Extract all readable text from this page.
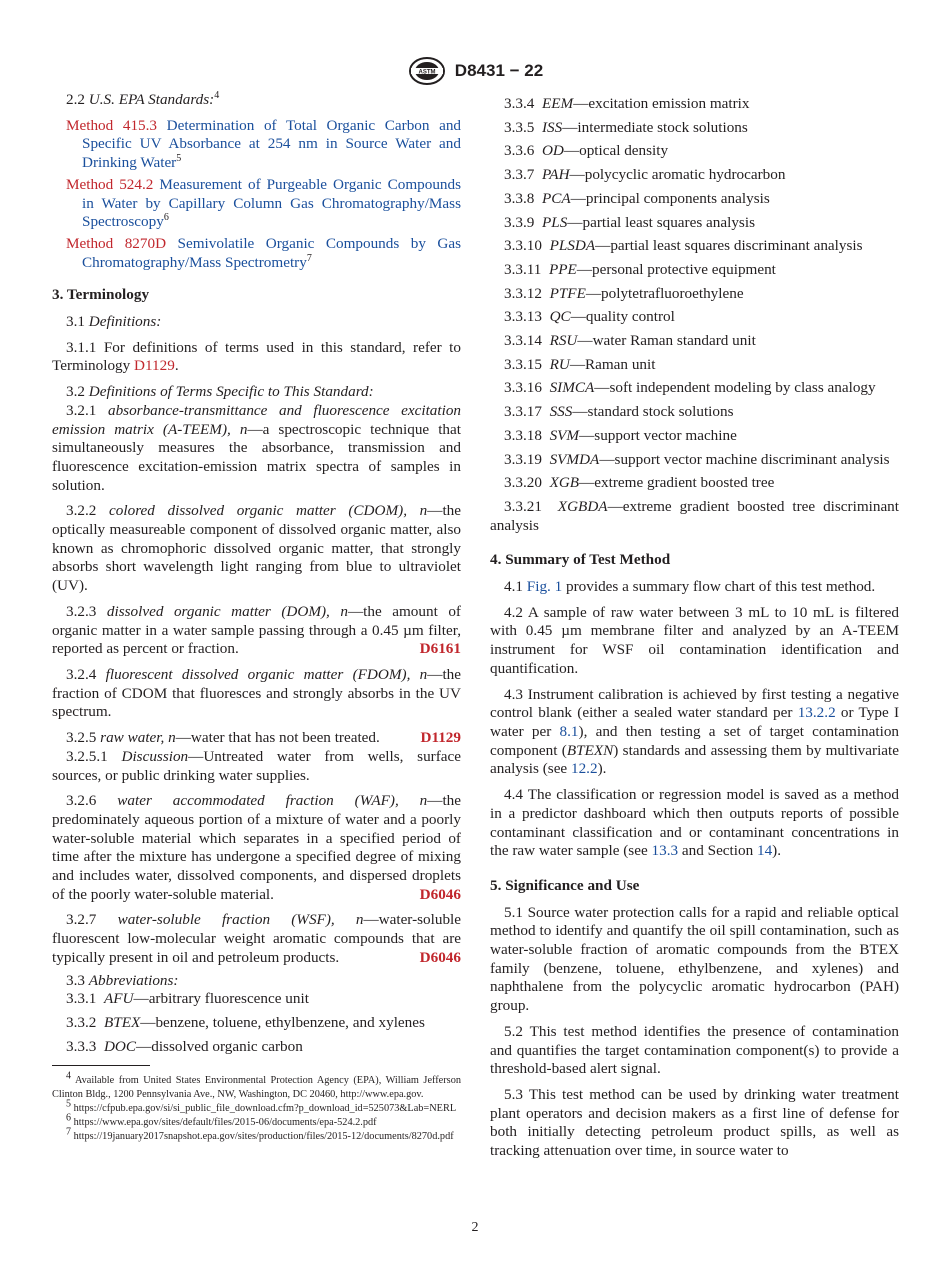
ASTM D8431 − 22

2.2 U.S. EPA Standards:$^4$

Method 415.3 Determination of Total Organic Carbon and Specific UV Absorbance at 254 nm in Source Water and Drinking Water$^5$
Method 524.2 Measurement of Purgeable Organic Compounds in Water by Capillary Column Gas Chromatography/Mass Spectroscopy$^6$
Method 8270D Semivolatile Organic Compounds by Gas Chromatography/Mass Spectrometry$^7$
3. Terminology

3.1 Definitions:

3.1.1 For definitions of terms used in this standard, refer to Terminology D1129.

3.2 Definitions of Terms Specific to This Standard:

3.2.1 absorbance-transmittance and fluorescence excitation emission matrix (A-TEEM), n—a spectroscopic technique that simultaneously measures the absorbance, transmission and fluorescence excitation-emission matrix spectra of samples in solution.

3.2.2 colored dissolved organic matter (CDOM), n—the optically measureable component of dissolved organic matter, also known as chromophoric dissolved organic matter, that strongly absorbs short wavelength light ranging from blue to ultraviolet (UV).

3.2.3 dissolved organic matter (DOM), n—the amount of organic matter in a water sample passing through a 0.45 µm filter, reported as percent or fraction.	D6161

3.2.4 fluorescent dissolved organic matter (FDOM), n—the fraction of CDOM that fluoresces and strongly absorbs in the UV spectrum.

3.2.5 raw water, n—water that has not been treated.	D1129

3.2.5.1 Discussion—Untreated water from wells, surface sources, or public drinking water supplies.

3.2.6 water accommodated fraction (WAF), n—the predominately aqueous portion of a mixture of water and a poorly water-soluble material which separates in a specified period of time after the mixture has undergone a specified degree of mixing and includes water, dissolved components, and dispersed droplets of the poorly water-soluble material.	D6046

3.2.7 water-soluble fraction (WSF), n—water-soluble fluorescent low-molecular weight aromatic compounds that are typically present in oil and petroleum products.	D6046

3.3 Abbreviations:

3.3.1 AFU—arbitrary fluorescence unit

3.3.2 BTEX—benzene, toluene, ethylbenzene, and xylenes

3.3.3 DOC—dissolved organic carbon

3.3.4 EEM—excitation emission matrix

3.3.5 ISS—intermediate stock solutions

3.3.6 OD—optical density

3.3.7 PAH—polycyclic aromatic hydrocarbon

3.3.8 PCA—principal components analysis

3.3.9 PLS—partial least squares analysis

3.3.10 PLSDA—partial least squares discriminant analysis

3.3.11 PPE—personal protective equipment

3.3.12 PTFE—polytetrafluoroethylene

3.3.13 QC—quality control

3.3.14 RSU—water Raman standard unit

3.3.15 RU—Raman unit

3.3.16 SIMCA—soft independent modeling by class analogy

3.3.17 SSS—standard stock solutions

3.3.18 SVM—support vector machine

3.3.19 SVMDA—support vector machine discriminant analysis

3.3.20 XGB—extreme gradient boosted tree

3.3.21 XGBDA—extreme gradient boosted tree discriminant analysis

4. Summary of Test Method

4.1 Fig. 1 provides a summary flow chart of this test method.

4.2 A sample of raw water between 3 mL to 10 mL is filtered with 0.45 µm membrane filter and analyzed by an A-TEEM instrument for WSF oil contamination identification and quantification.

4.3 Instrument calibration is achieved by first testing a negative control blank (either a sealed water standard per 13.2.2 or Type I water per 8.1), and then testing a set of target contamination component (BTEXN) standards and assessing them by multivariate analysis (see 12.2).

4.4 The classification or regression model is saved as a method in a predictor dashboard which then outputs reports of possible contaminant classification and or contaminant concentrations in the raw water sample (see 13.3 and Section 14).

5. Significance and Use

5.1 Source water protection calls for a rapid and reliable optical method to identify and quantify the oil spill contamination, such as water-soluble fraction of aromatic compounds from the BTEX family (benzene, toluene, ethylbenzene, and xylenes) and naphthalene from the polycyclic aromatic hydrocarbon (PAH) group.

5.2 This test method identifies the presence of contamination and quantifies the target contamination component(s) to provide a threshold-based alert signal.

5.3 This test method can be used by drinking water treatment plant operators and decision makers as a first line of defense for both initially detecting petroleum product spills, as well as tracking attenuation over time, in source water to

$^4$ Available from United States Environmental Protection Agency (EPA), William Jefferson Clinton Bldg., 1200 Pennsylvania Ave., NW, Washington, DC 20460, http://www.epa.gov.
$^5$ https://cfpub.epa.gov/si/si_public_file_download.cfm?p_download_id=525073&Lab=NERL
$^6$ https://www.epa.gov/sites/default/files/2015-06/documents/epa-524.2.pdf
$^7$ https://19january2017snapshot.epa.gov/sites/production/files/2015-12/documents/8270d.pdf
2
